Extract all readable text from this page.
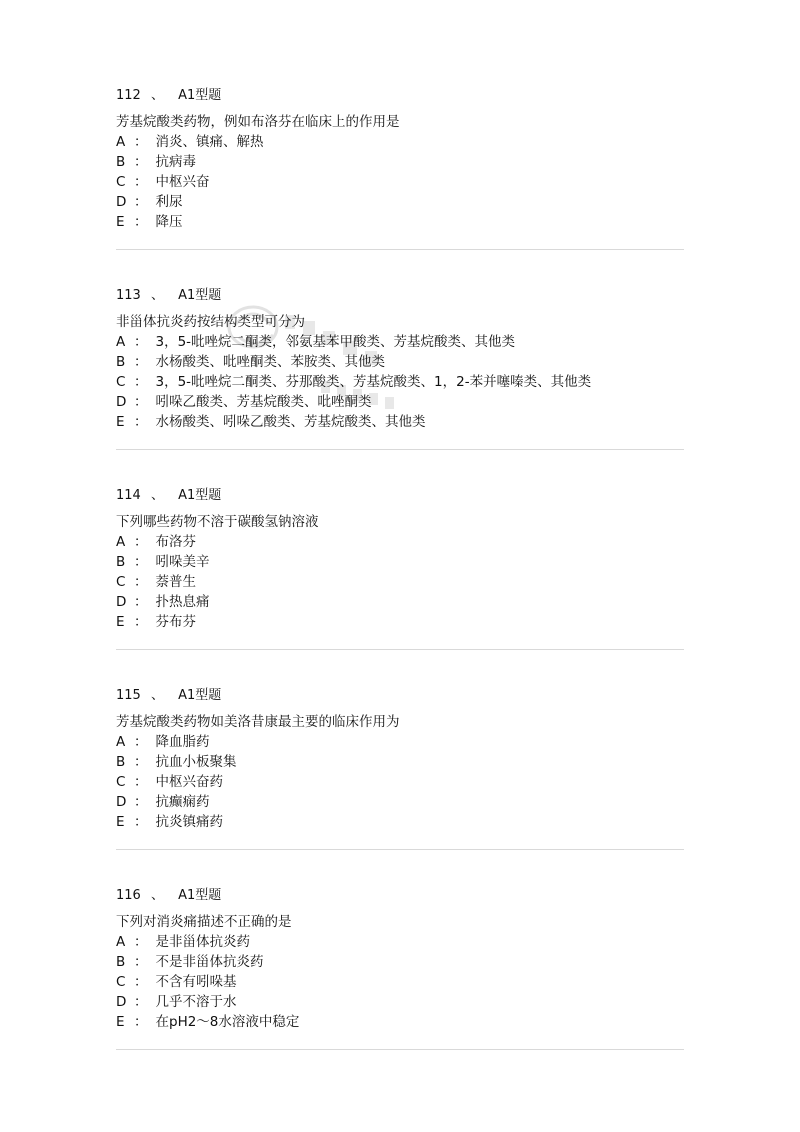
112 、 A1型题
芳基烷酸类药物，例如布洛芬在临床上的作用是
A ： 消炎、镇痛、解热
B ： 抗病毒
C ： 中枢兴奋
D ： 利尿
E ： 降压
113 、 A1型题
非甾体抗炎药按结构类型可分为
A ： 3，5-吡唑烷二酮类，邻氨基苯甲酸类、芳基烷酸类、其他类
B ： 水杨酸类、吡唑酮类、苯胺类、其他类
C ： 3，5-吡唑烷二酮类、芬那酸类、芳基烷酸类、1，2-苯并噻嗪类、其他类
D ： 吲哚乙酸类、芳基烷酸类、吡唑酮类
E ： 水杨酸类、吲哚乙酸类、芳基烷酸类、其他类
114 、 A1型题
下列哪些药物不溶于碳酸氢钠溶液
A ： 布洛芬
B ： 吲哚美辛
C ： 萘普生
D ： 扑热息痛
E ： 芬布芬
115 、 A1型题
芳基烷酸类药物如美洛昔康最主要的临床作用为
A ： 降血脂药
B ： 抗血小板聚集
C ： 中枢兴奋药
D ： 抗癫痫药
E ： 抗炎镇痛药
116 、 A1型题
下列对消炎痛描述不正确的是
A ： 是非甾体抗炎药
B ： 不是非甾体抗炎药
C ： 不含有吲哚基
D ： 几乎不溶于水
E ： 在pH2～8水溶液中稳定
